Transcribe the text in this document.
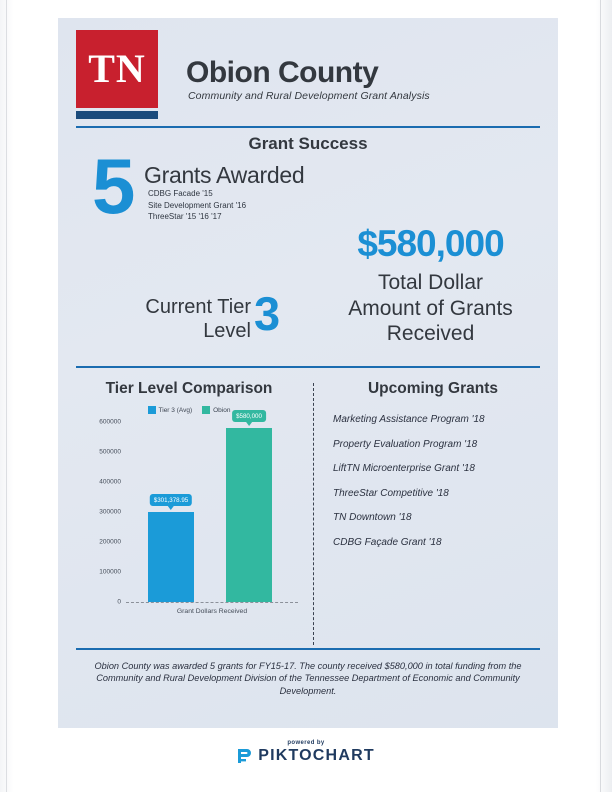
TN Obion County
Community and Rural Development Grant Analysis
Grant Success
5 Grants Awarded
CDBG Facade '15
Site Development Grant '16
ThreeStar '15 '16 '17
$580,000
Total Dollar
Amount of Grants
Received
Current Tier
Level 3
Tier Level Comparison
Tier 3 (Avg)	Obion
600000
500000
400000
300000
200000
100000
0
$301,378.95
$580,000
Grant Dollars Received
Upcoming Grants
Marketing Assistance Program '18
Property Evaluation Program '18
LiftTN Microenterprise Grant '18
ThreeStar Competitive '18
TN Downtown '18
CDBG Façade Grant '18
Obion County was awarded 5 grants for FY15-17. The county received $580,000 in total funding from the Community and Rural Development Division of the Tennessee Department of Economic and Community Development.
powered by
PIKTOCHART
